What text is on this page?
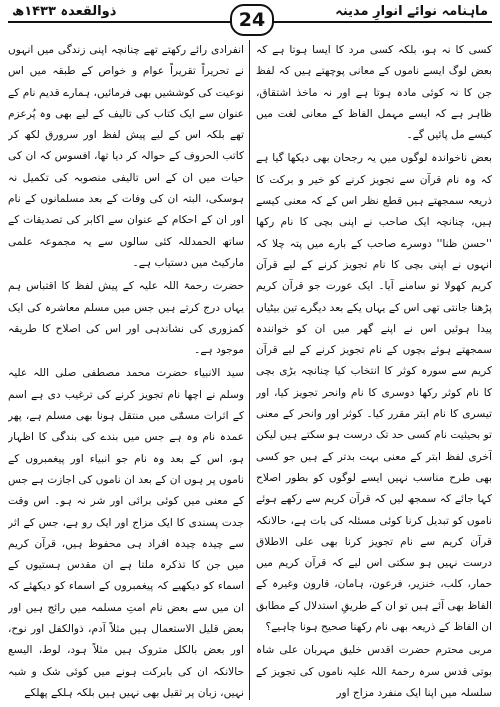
ذوالقعدہ ۱۴۳۳ھ	24	ماہنامہ نوائے انوارِ مدینہ

کسی کا نہ ہو، بلکہ کسی مرد کا ایسا ہوتا ہے کہ بعض لوگ ایسے ناموں کے معانی پوچھتے ہیں کہ لفظ جن کا نہ کوئی مادہ ہوتا ہے اور نہ ماخذ اشتقاق، ظاہر ہے کہ ایسے مہمل الفاظ کے معانی لغت میں کیسے مل پائیں گے۔

بعض ناخواندہ لوگوں میں یہ رجحان بھی دیکھا گیا ہے کہ وہ نام قرآن سے تجویز کرنے کو خیر و برکت کا ذریعہ سمجھتے ہیں قطع نظر اس کے کہ معنی کیسے ہیں، چنانچہ ایک صاحب نے اپنی بچی کا نام رکھا ''حسن ظنا'' دوسرے صاحب کے بارے میں پتہ چلا کہ انہوں نے اپنی بچی کا نام تجویز کرنے کے لیے قرآن کریم کھولا تو سامنے آیا۔ ایک عورت جو قرآن کریم پڑھنا جانتی تھی اس کے یہاں یکے بعد دیگرے تین بیٹیاں پیدا ہوئیں اس نے اپنے گھر میں ان کو خوانندہ سمجھتے ہوئے بچوں کے نام تجویز کرنے کے لیے قرآن کریم سے سورہ کوثر کا انتخاب کیا چنانچہ بڑی بچی کا نام کوثر رکھا دوسری کا نام وانحر تجویز کیا، اور تیسری کا نام ابتر مقرر کیا۔ کوثر اور وانحر کے معنی تو بحیثیت نام کسی حد تک درست ہو سکتے ہیں لیکن آخری لفظ ابتر کے معنی بہت بدتر کے ہیں جو کسی بھی طرح مناسب نہیں ایسے لوگوں کو بطور اصلاح کہا جائے کہ سمجھ لیں کہ قرآن کریم سے رکھے ہوئے ناموں کو تبدیل کرنا کوئی مسئلہ کی بات ہے، حالانکہ قرآن کریم سے نام تجویز کرنا بھی علی الاطلاق درست نہیں ہو سکتی اس لیے کہ قرآن کریم میں حمار، کلب، خنزیر، فرعون، ہامان، قارون وغیرہ کے الفاظ بھی آئے ہیں تو ان کے طریقِ استدلال کے مطابق ان الفاظ کے ذریعہ بھی نام رکھنا صحیح ہونا چاہیے؟

مربی محترم حضرت اقدس خلیق مہربان علی شاہ بوتی قدس سرہ رحمۃ اللہ علیہ ناموں کی تجویز کے سلسلہ میں اپنا ایک منفرد مزاج اور

انفرادی رائے رکھتے تھے چنانچہ اپنی زندگی میں انہوں نے تحریراً تقریراً عوام و خواص کے طبقہ میں اس نوعیت کی کوششیں بھی فرمائیں، ہمارے قدیم نام کے عنوان سے ایک کتاب کی تالیف کے لیے بھی وہ پُرعزم تھے بلکہ اس کے لیے پیش لفظ اور سرورق لکھ کر کاتب الحروف کے حوالہ کر دیا تھا، افسوس کہ ان کی حیات میں ان کے اس تالیفی منصوبہ کی تکمیل نہ ہوسکی، البتہ ان کی وفات کے بعد مسلمانوں کے نام اور ان کے احکام کے عنوان سے اکابر کی تصدیقات کے ساتھ الحمدللہ کئی سالوں سے یہ مجموعہ علمی مارکیٹ میں دستیاب ہے۔

حضرت رحمۃ اللہ علیہ کے پیش لفظ کا اقتباس ہم یہاں درج کرتے ہیں جس میں مسلم معاشرہ کی ایک کمزوری کی نشاندہی اور اس کی اصلاح کا طریقہ موجود ہے۔

سید الانبیاء حضرت محمد مصطفی صلی اللہ علیہ وسلم نے اچھا نام تجویز کرنے کی ترغیب دی ہے اسم کے اثرات مسمّٰی میں منتقل ہونا بھی مسلم ہے، پھر عمدہ نام وہ ہے جس میں بندے کی بندگی کا اظہار ہو، اس کے بعد وہ نام جو انبیاء اور پیغمبروں کے ناموں پر ہوں ان کے بعد ان ناموں کی اجازت ہے جس کے معنی میں کوئی برائی اور شر نہ ہو۔ اس وقت جدت پسندی کا ایک مزاج اور ایک رو ہے، جس کے اثر سے چیدہ چیدہ افراد ہی محفوظ ہیں، قرآن کریم میں جن کا تذکرہ ملتا ہے ان مقدس ہستیوں کے اسماء کو دیکھیے کہ پیغمبروں کے اسماء کو دیکھئے کہ ان میں سے بعض نام امتِ مسلمہ میں رائج ہیں اور بعض قلیل الاستعمال ہیں مثلاً آدم، ذوالکفل اور نوح، اور بعض بالکل متروک ہیں مثلاً ہود، لوط، الیسع حالانکہ ان کی بابرکت ہونے میں کوئی شک و شبہ نہیں، زبان پر ثقیل بھی نہیں ہیں بلکہ ہلکے پھلکے
